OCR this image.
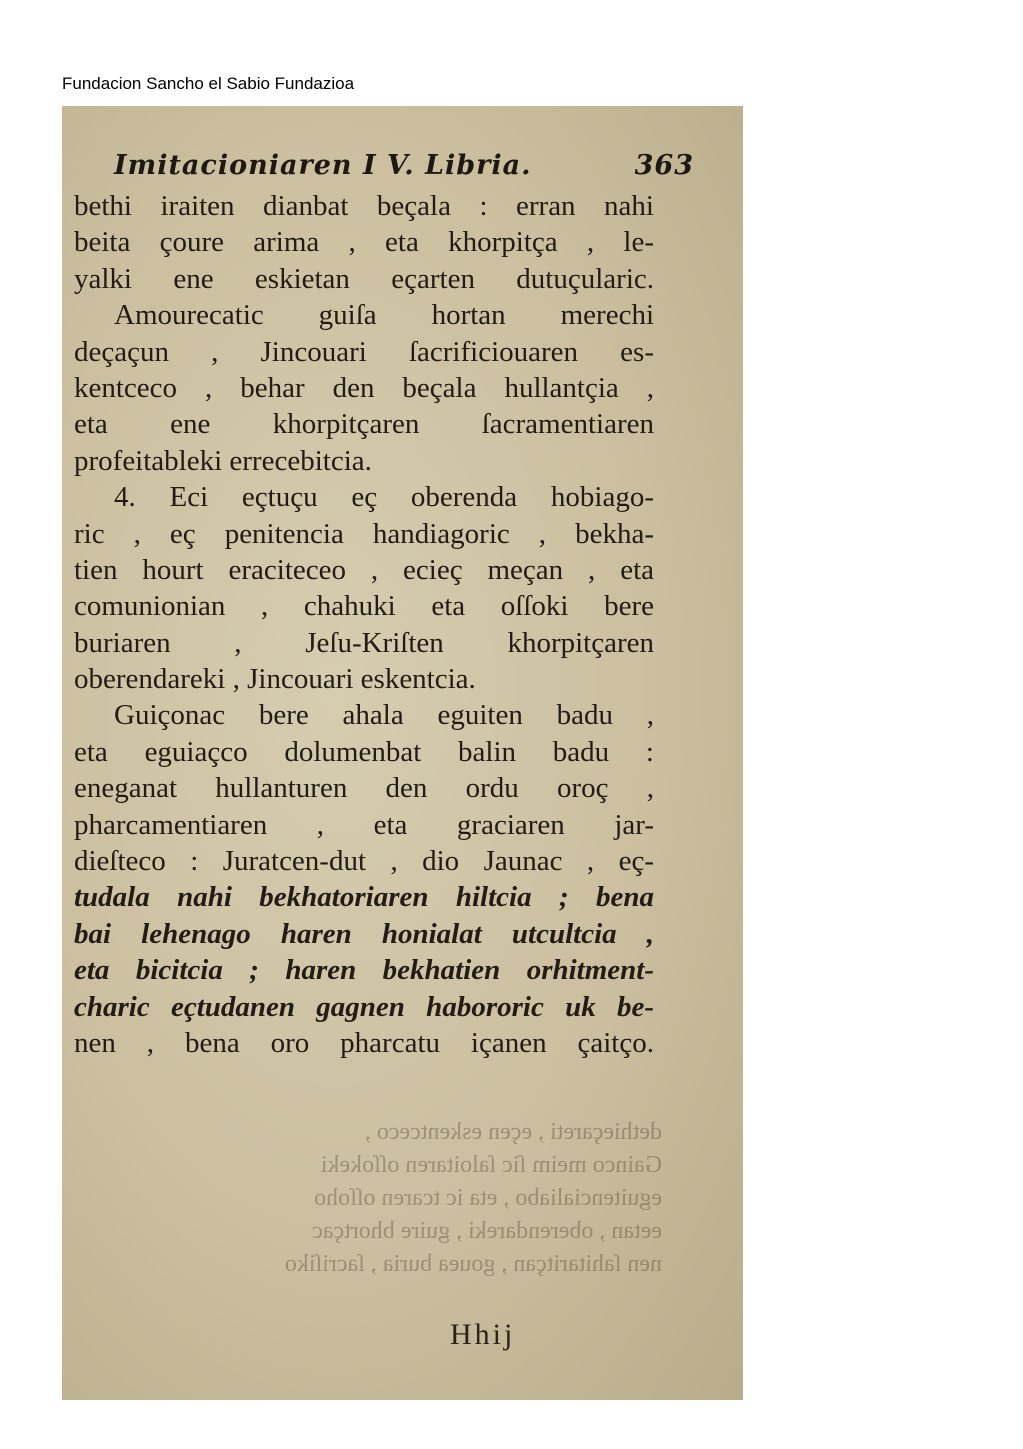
Fundacion Sancho el Sabio Fundazioa
Imitacioniaren I V. Libria.	363
bethi iraiten dianbat beçala : erran nahi
beita çoure arima , eta khorpitça , le-
yalki ene eskietan eçarten dutuçularic.
Amourecatic guiſa hortan merechi
deçaçun , Jincouari ſacrificiouaren es-
kentceco , behar den beçala hullantçia ,
eta ene khorpitçaren ſacramentiaren
profeitableki errecebitcia.
4. Eci eçtuçu eç oberenda hobiago-
ric , eç penitencia handiagoric , bekha-
tien hourt eraciteceo , ecieç meçan , eta
comunionian , chahuki eta oſſoki bere
buriaren , Jeſu-Kriſten khorpitçaren
oberendareki , Jincouari eskentcia.
Guiçonac bere ahala eguiten badu ,
eta eguiaçco dolumenbat balin badu :
eneganat hullanturen den ordu oroç ,
pharcamentiaren , eta graciaren jar-
dieſteco : Juratcen-dut , dio Jaunac , eç-
tudala nahi bekhatoriaren hiltcia ; bena
bai lehenago haren honialat utcultcia ,
eta bicitcia ; haren bekhatien orhitment-
charic eçtudanen gagnen habororic uk be-
nen , bena oro pharcatu içanen çaitço.
dethieçareti , eçen eskentceco ,
Gainco meim ſic ſaloitaren oſſokeki
eguitencialiabo , eta ic tcaren oſſoho
eetan , oberendareki , guire bhortçac
nen ſahitaritçan , gouea buria , ſacriſiko
Hhij
